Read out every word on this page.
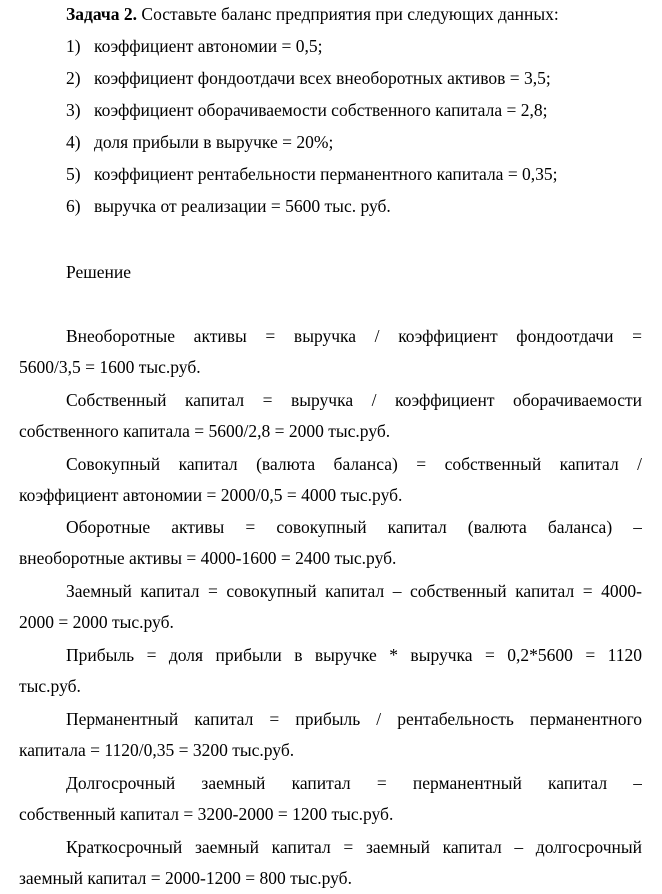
Задача 2. Составьте баланс предприятия при следующих данных:
1) коэффициент автономии = 0,5;
2) коэффициент фондоотдачи всех внеоборотных активов = 3,5;
3) коэффициент оборачиваемости собственного капитала = 2,8;
4) доля прибыли в выручке = 20%;
5) коэффициент рентабельности перманентного капитала = 0,35;
6) выручка от реализации = 5600 тыс. руб.
Решение

Внеоборотные активы = выручка / коэффициент фондоотдачи =
5600/3,5 = 1600 тыс.руб.

Собственный капитал = выручка / коэффициент оборачиваемости
собственного капитала = 5600/2,8 = 2000 тыс.руб.

Совокупный капитал (валюта баланса) = собственный капитал /
коэффициент автономии = 2000/0,5 = 4000 тыс.руб.

Оборотные активы = совокупный капитал (валюта баланса) –
внеоборотные активы = 4000-1600 = 2400 тыс.руб.

Заемный капитал = совокупный капитал – собственный капитал = 4000-
2000 = 2000 тыс.руб.

Прибыль = доля прибыли в выручке * выручка = 0,2*5600 = 1120
тыс.руб.

Перманентный капитал = прибыль / рентабельность перманентного
капитала = 1120/0,35 = 3200 тыс.руб.

Долгосрочный заемный капитал = перманентный капитал –
собственный капитал = 3200-2000 = 1200 тыс.руб.

Краткосрочный заемный капитал = заемный капитал – долгосрочный
заемный капитал = 2000-1200 = 800 тыс.руб.
